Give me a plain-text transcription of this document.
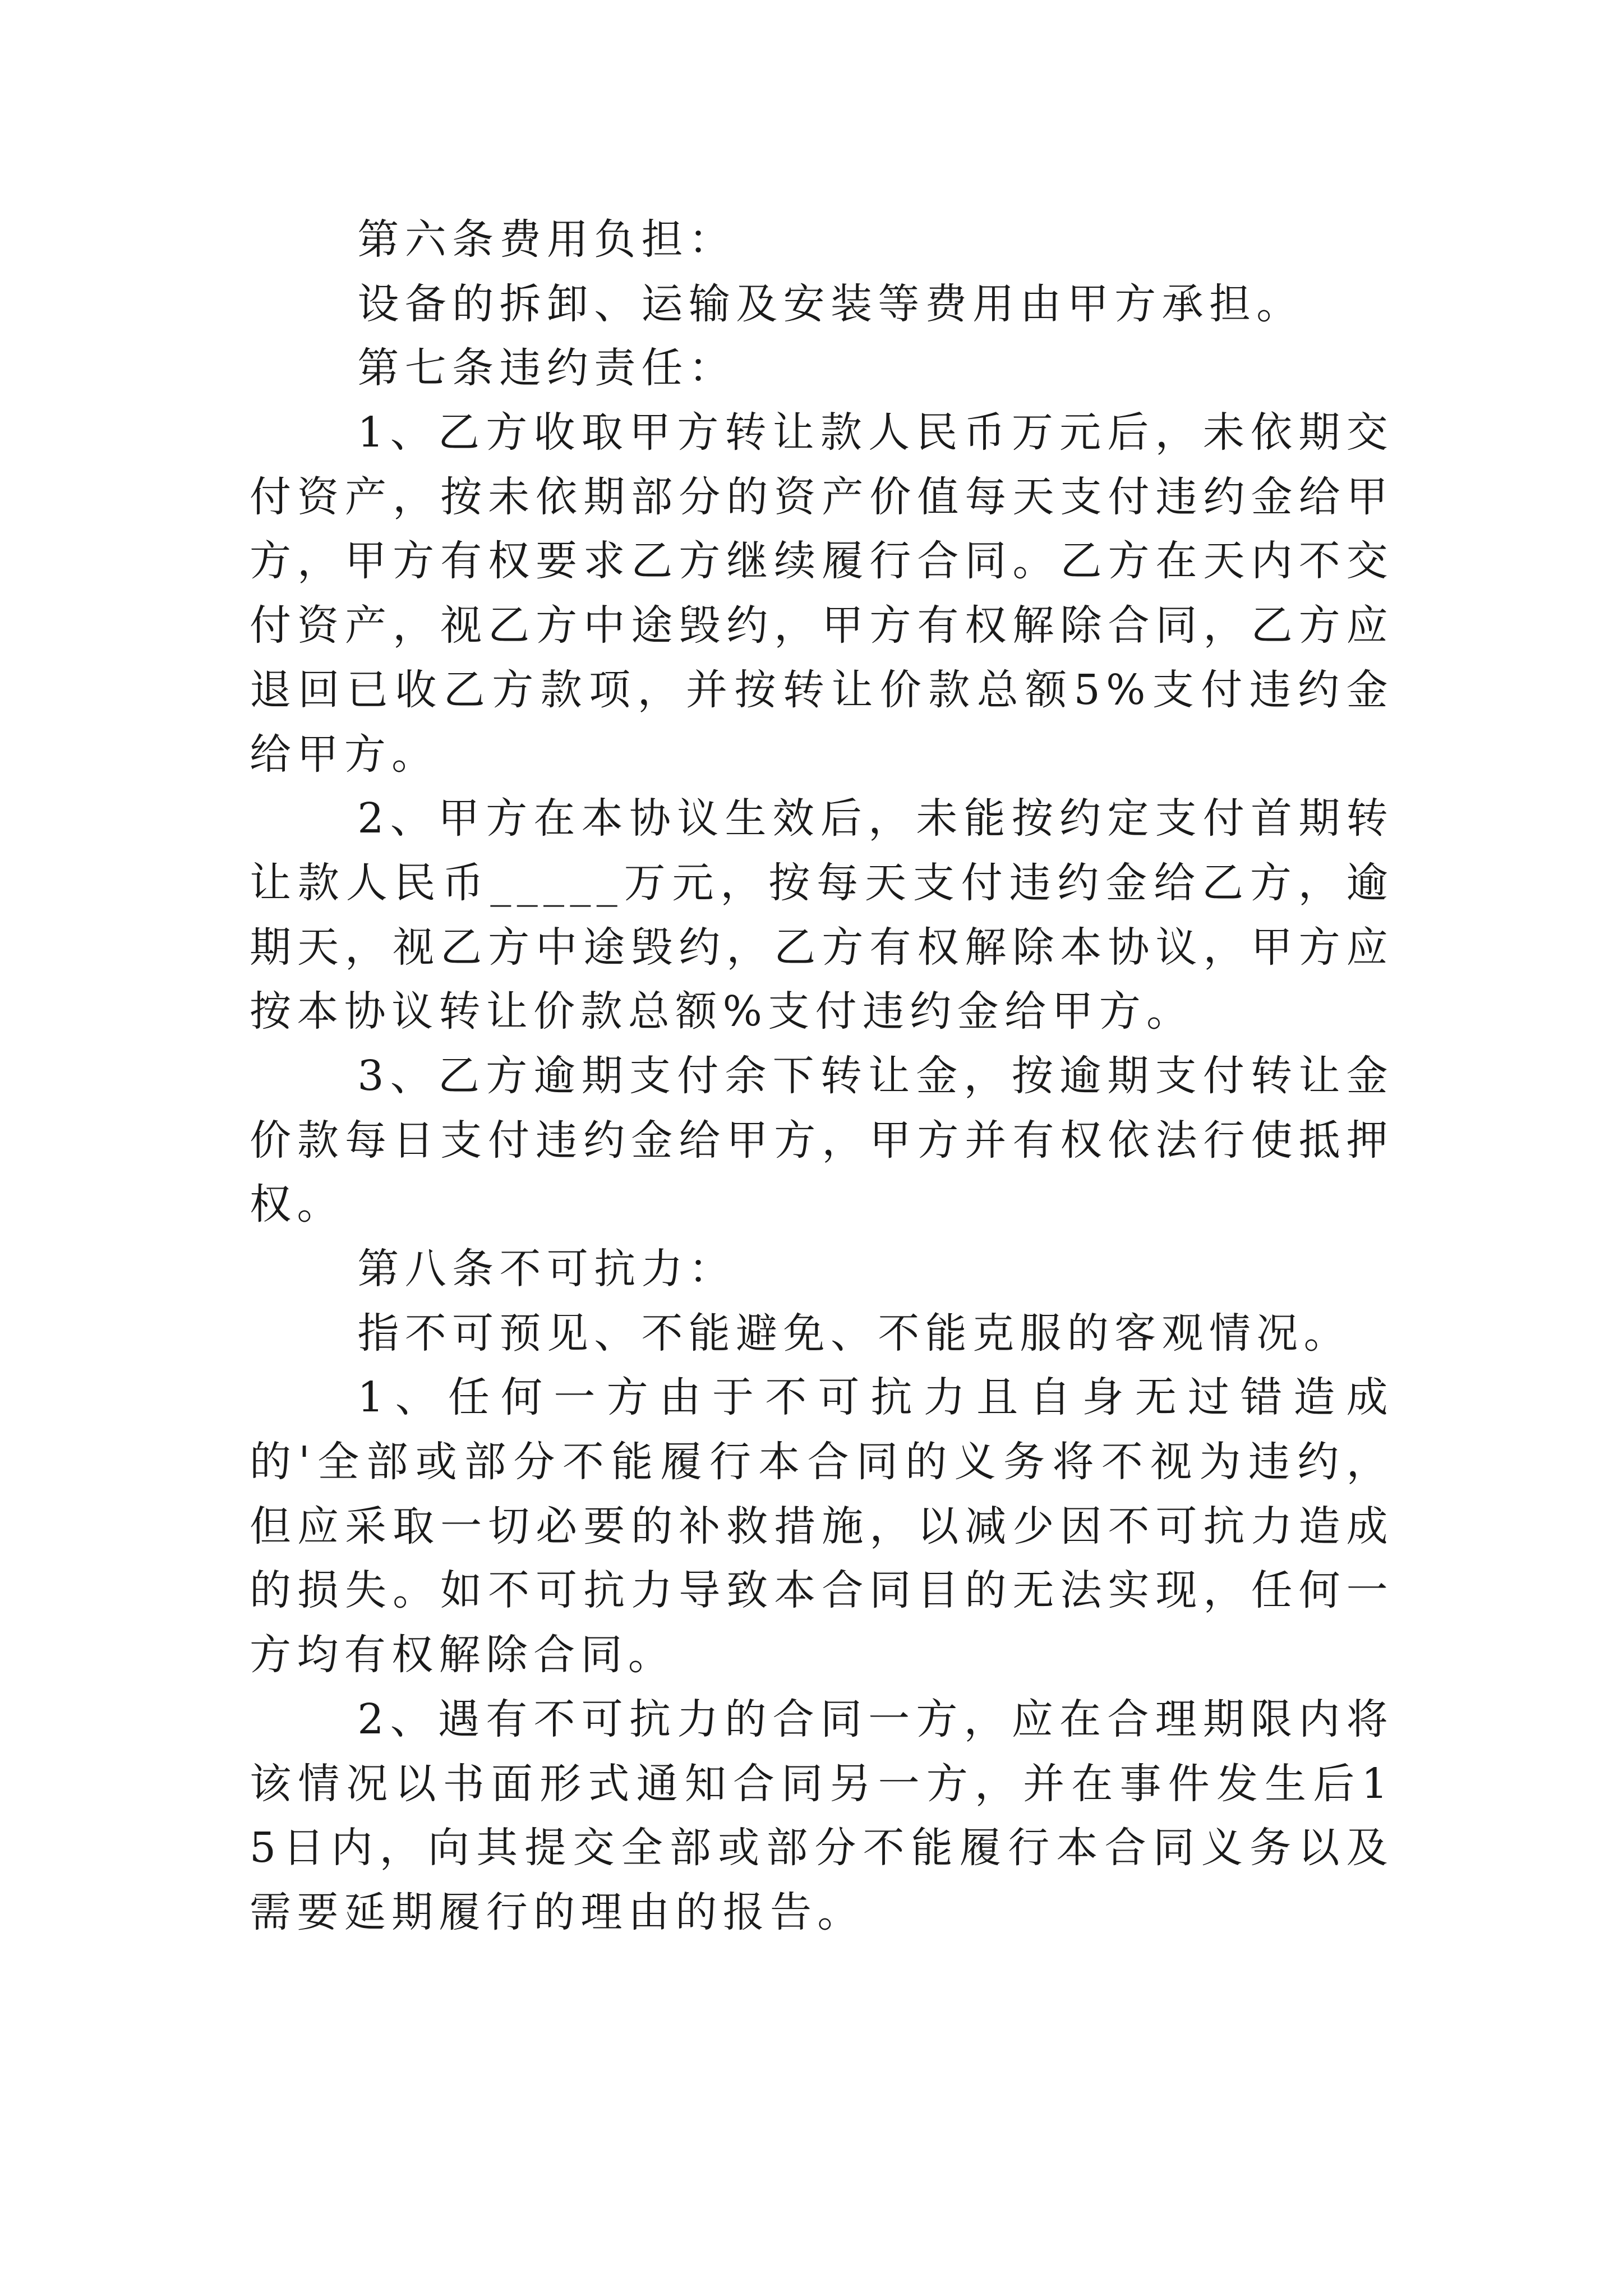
第六条费用负担：

设备的拆卸、运输及安装等费用由甲方承担。

第七条违约责任：

1、乙方收取甲方转让款人民币万元后，未依期交付资产，按未依期部分的资产价值每天支付违约金给甲方，甲方有权要求乙方继续履行合同。乙方在天内不交付资产，视乙方中途毁约，甲方有权解除合同，乙方应退回已收乙方款项，并按转让价款总额5%支付违约金给甲方。

2、甲方在本协议生效后，未能按约定支付首期转让款人民币_____万元，按每天支付违约金给乙方，逾期天，视乙方中途毁约，乙方有权解除本协议，甲方应按本协议转让价款总额%支付违约金给甲方。

3、乙方逾期支付余下转让金，按逾期支付转让金价款每日支付违约金给甲方，甲方并有权依法行使抵押权。

第八条不可抗力：

指不可预见、不能避免、不能克服的客观情况。

1、任何一方由于不可抗力且自身无过错造成的'全部或部分不能履行本合同的义务将不视为违约，但应采取一切必要的补救措施，以减少因不可抗力造成的损失。如不可抗力导致本合同目的无法实现，任何一方均有权解除合同。

2、遇有不可抗力的合同一方，应在合理期限内将该情况以书面形式通知合同另一方，并在事件发生后15日内，向其提交全部或部分不能履行本合同义务以及需要延期履行的理由的报告。
